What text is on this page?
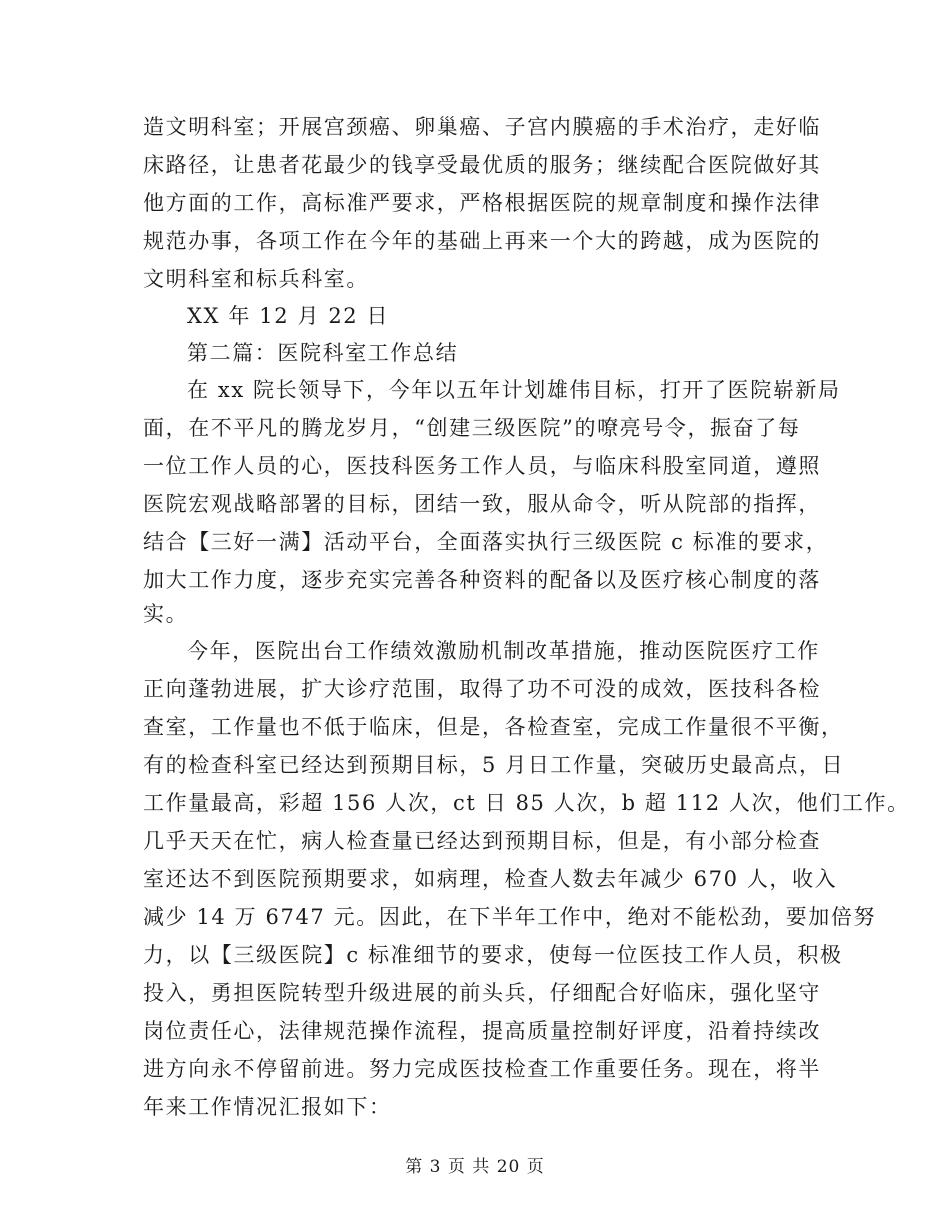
造文明科室；开展宫颈癌、卵巢癌、子宫内膜癌的手术治疗，走好临
床路径，让患者花最少的钱享受最优质的服务；继续配合医院做好其
他方面的工作，高标准严要求，严格根据医院的规章制度和操作法律
规范办事，各项工作在今年的基础上再来一个大的跨越，成为医院的
文明科室和标兵科室。
XX 年 12 月 22 日
第二篇：医院科室工作总结
在 xx 院长领导下，今年以五年计划雄伟目标，打开了医院崭新局
面，在不平凡的腾龙岁月，“创建三级医院”的嘹亮号令，振奋了每
一位工作人员的心，医技科医务工作人员，与临床科股室同道，遵照
医院宏观战略部署的目标，团结一致，服从命令，听从院部的指挥，
结合【三好一满】活动平台，全面落实执行三级医院 c 标准的要求，
加大工作力度，逐步充实完善各种资料的配备以及医疗核心制度的落
实。
今年，医院出台工作绩效激励机制改革措施，推动医院医疗工作
正向蓬勃进展，扩大诊疗范围，取得了功不可没的成效，医技科各检
查室，工作量也不低于临床，但是，各检查室，完成工作量很不平衡，
有的检查科室已经达到预期目标，5 月日工作量，突破历史最高点，日
工作量最高，彩超 156 人次，ct 日 85 人次，b 超 112 人次，他们工作。
几乎天天在忙，病人检查量已经达到预期目标，但是，有小部分检查
室还达不到医院预期要求，如病理，检查人数去年减少 670 人，收入
减少 14 万 6747 元。因此，在下半年工作中，绝对不能松劲，要加倍努
力，以【三级医院】c 标准细节的要求，使每一位医技工作人员，积极
投入，勇担医院转型升级进展的前头兵，仔细配合好临床，强化坚守
岗位责任心，法律规范操作流程，提高质量控制好评度，沿着持续改
进方向永不停留前进。努力完成医技检查工作重要任务。现在，将半
年来工作情况汇报如下：
第 3 页 共 20 页
